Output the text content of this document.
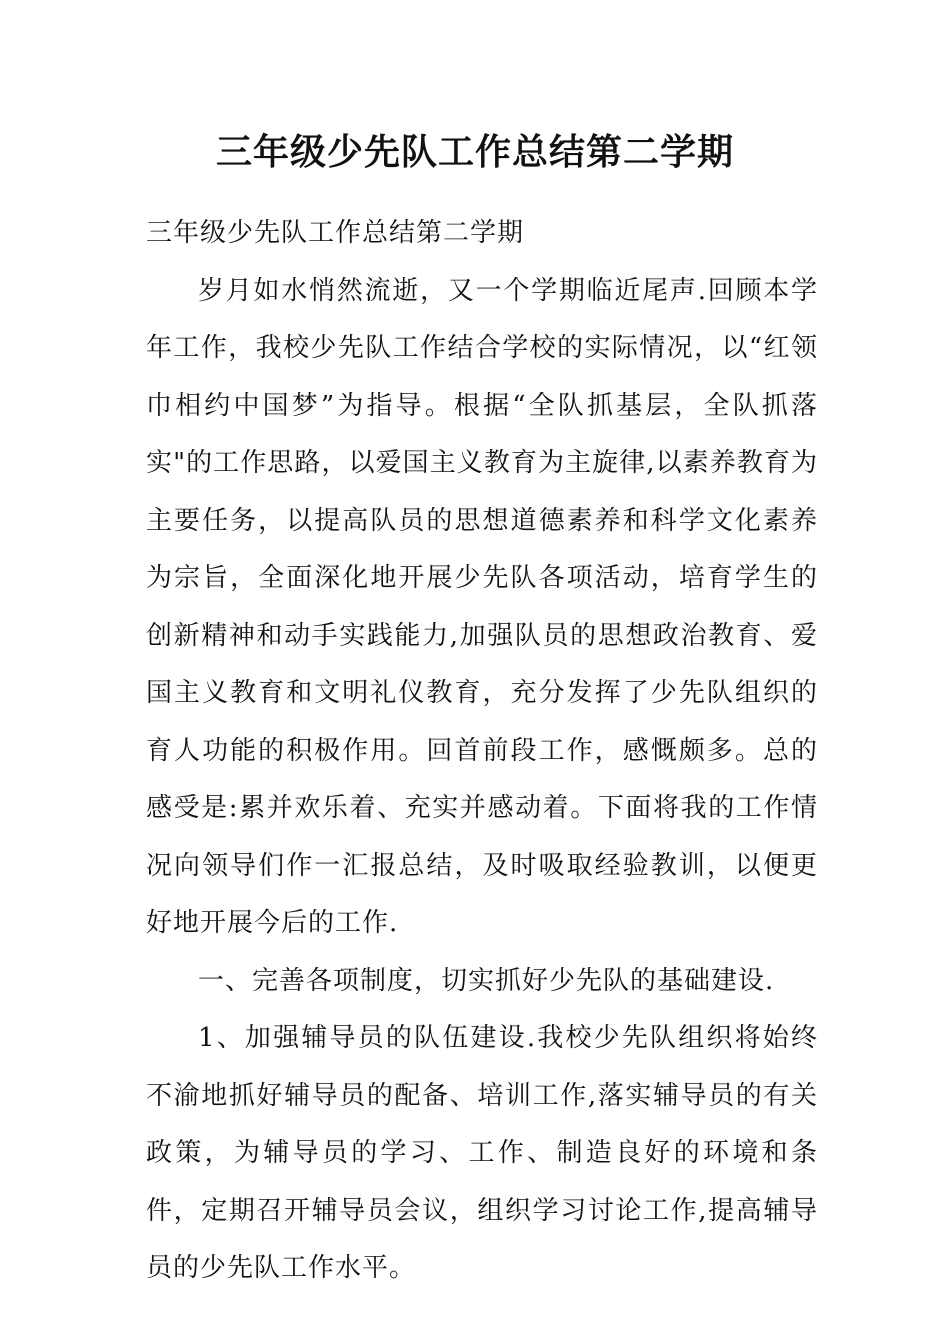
三年级少先队工作总结第二学期

三年级少先队工作总结第二学期

岁月如水悄然流逝，又一个学期临近尾声.回顾本学年工作，我校少先队工作结合学校的实际情况，以“红领巾相约中国梦”为指导。根据“全队抓基层，全队抓落实"的工作思路，以爱国主义教育为主旋律,以素养教育为主要任务，以提高队员的思想道德素养和科学文化素养为宗旨，全面深化地开展少先队各项活动，培育学生的创新精神和动手实践能力,加强队员的思想政治教育、爱国主义教育和文明礼仪教育，充分发挥了少先队组织的育人功能的积极作用。回首前段工作，感慨颇多。总的感受是:累并欢乐着、充实并感动着。下面将我的工作情况向领导们作一汇报总结，及时吸取经验教训，以便更好地开展今后的工作.

一、完善各项制度，切实抓好少先队的基础建设.

1、加强辅导员的队伍建设.我校少先队组织将始终不渝地抓好辅导员的配备、培训工作,落实辅导员的有关政策，为辅导员的学习、工作、制造良好的环境和条件，定期召开辅导员会议，组织学习讨论工作,提高辅导员的少先队工作水平。
